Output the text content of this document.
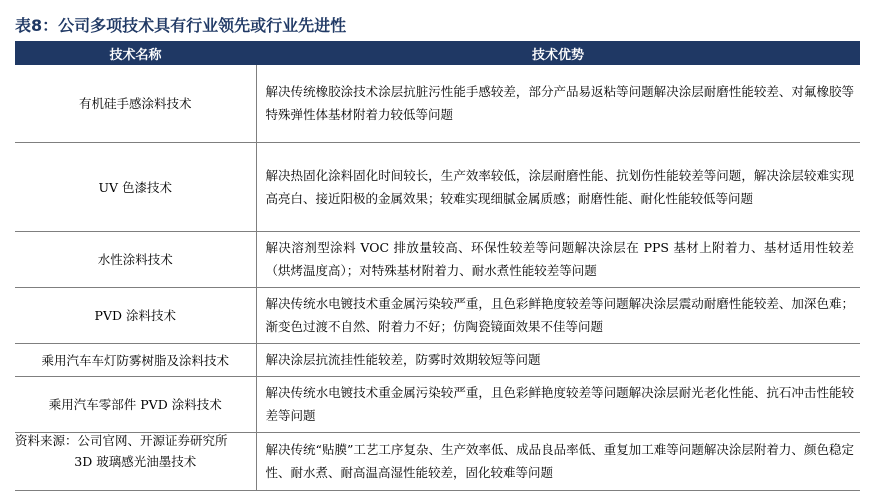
表8：公司多项技术具有行业领先或行业先进性
技术名称	技术优势
有机硅手感涂料技术	解决传统橡胶涂技术涂层抗脏污性能手感较差，部分产品易返粘等问题解决涂层耐磨性能较差、对氟橡胶等特殊弹性体基材附着力较低等问题
UV 色漆技术	解决热固化涂料固化时间较长，生产效率较低，涂层耐磨性能、抗划伤性能较差等问题，解决涂层较难实现高亮白、接近阳极的金属效果；较难实现细腻金属质感；耐磨性能、耐化性能较低等问题
水性涂料技术	解决溶剂型涂料 VOC 排放量较高、环保性较差等问题解决涂层在 PPS 基材上附着力、基材适用性较差（烘烤温度高）；对特殊基材附着力、耐水煮性能较差等问题
PVD 涂料技术	解决传统水电镀技术重金属污染较严重，且色彩鲜艳度较差等问题解决涂层震动耐磨性能较差、加深色难；渐变色过渡不自然、附着力不好；仿陶瓷镜面效果不佳等问题
乘用汽车车灯防雾树脂及涂料技术	解决涂层抗流挂性能较差，防雾时效期较短等问题
乘用汽车零部件 PVD 涂料技术	解决传统水电镀技术重金属污染较严重，且色彩鲜艳度较差等问题解决涂层耐光老化性能、抗石冲击性能较差等问题
3D 玻璃感光油墨技术	解决传统“贴膜”工艺工序复杂、生产效率低、成品良品率低、重复加工难等问题解决涂层附着力、颜色稳定性、耐水煮、耐高温高湿性能较差，固化较难等问题
资料来源：公司官网、开源证券研究所
